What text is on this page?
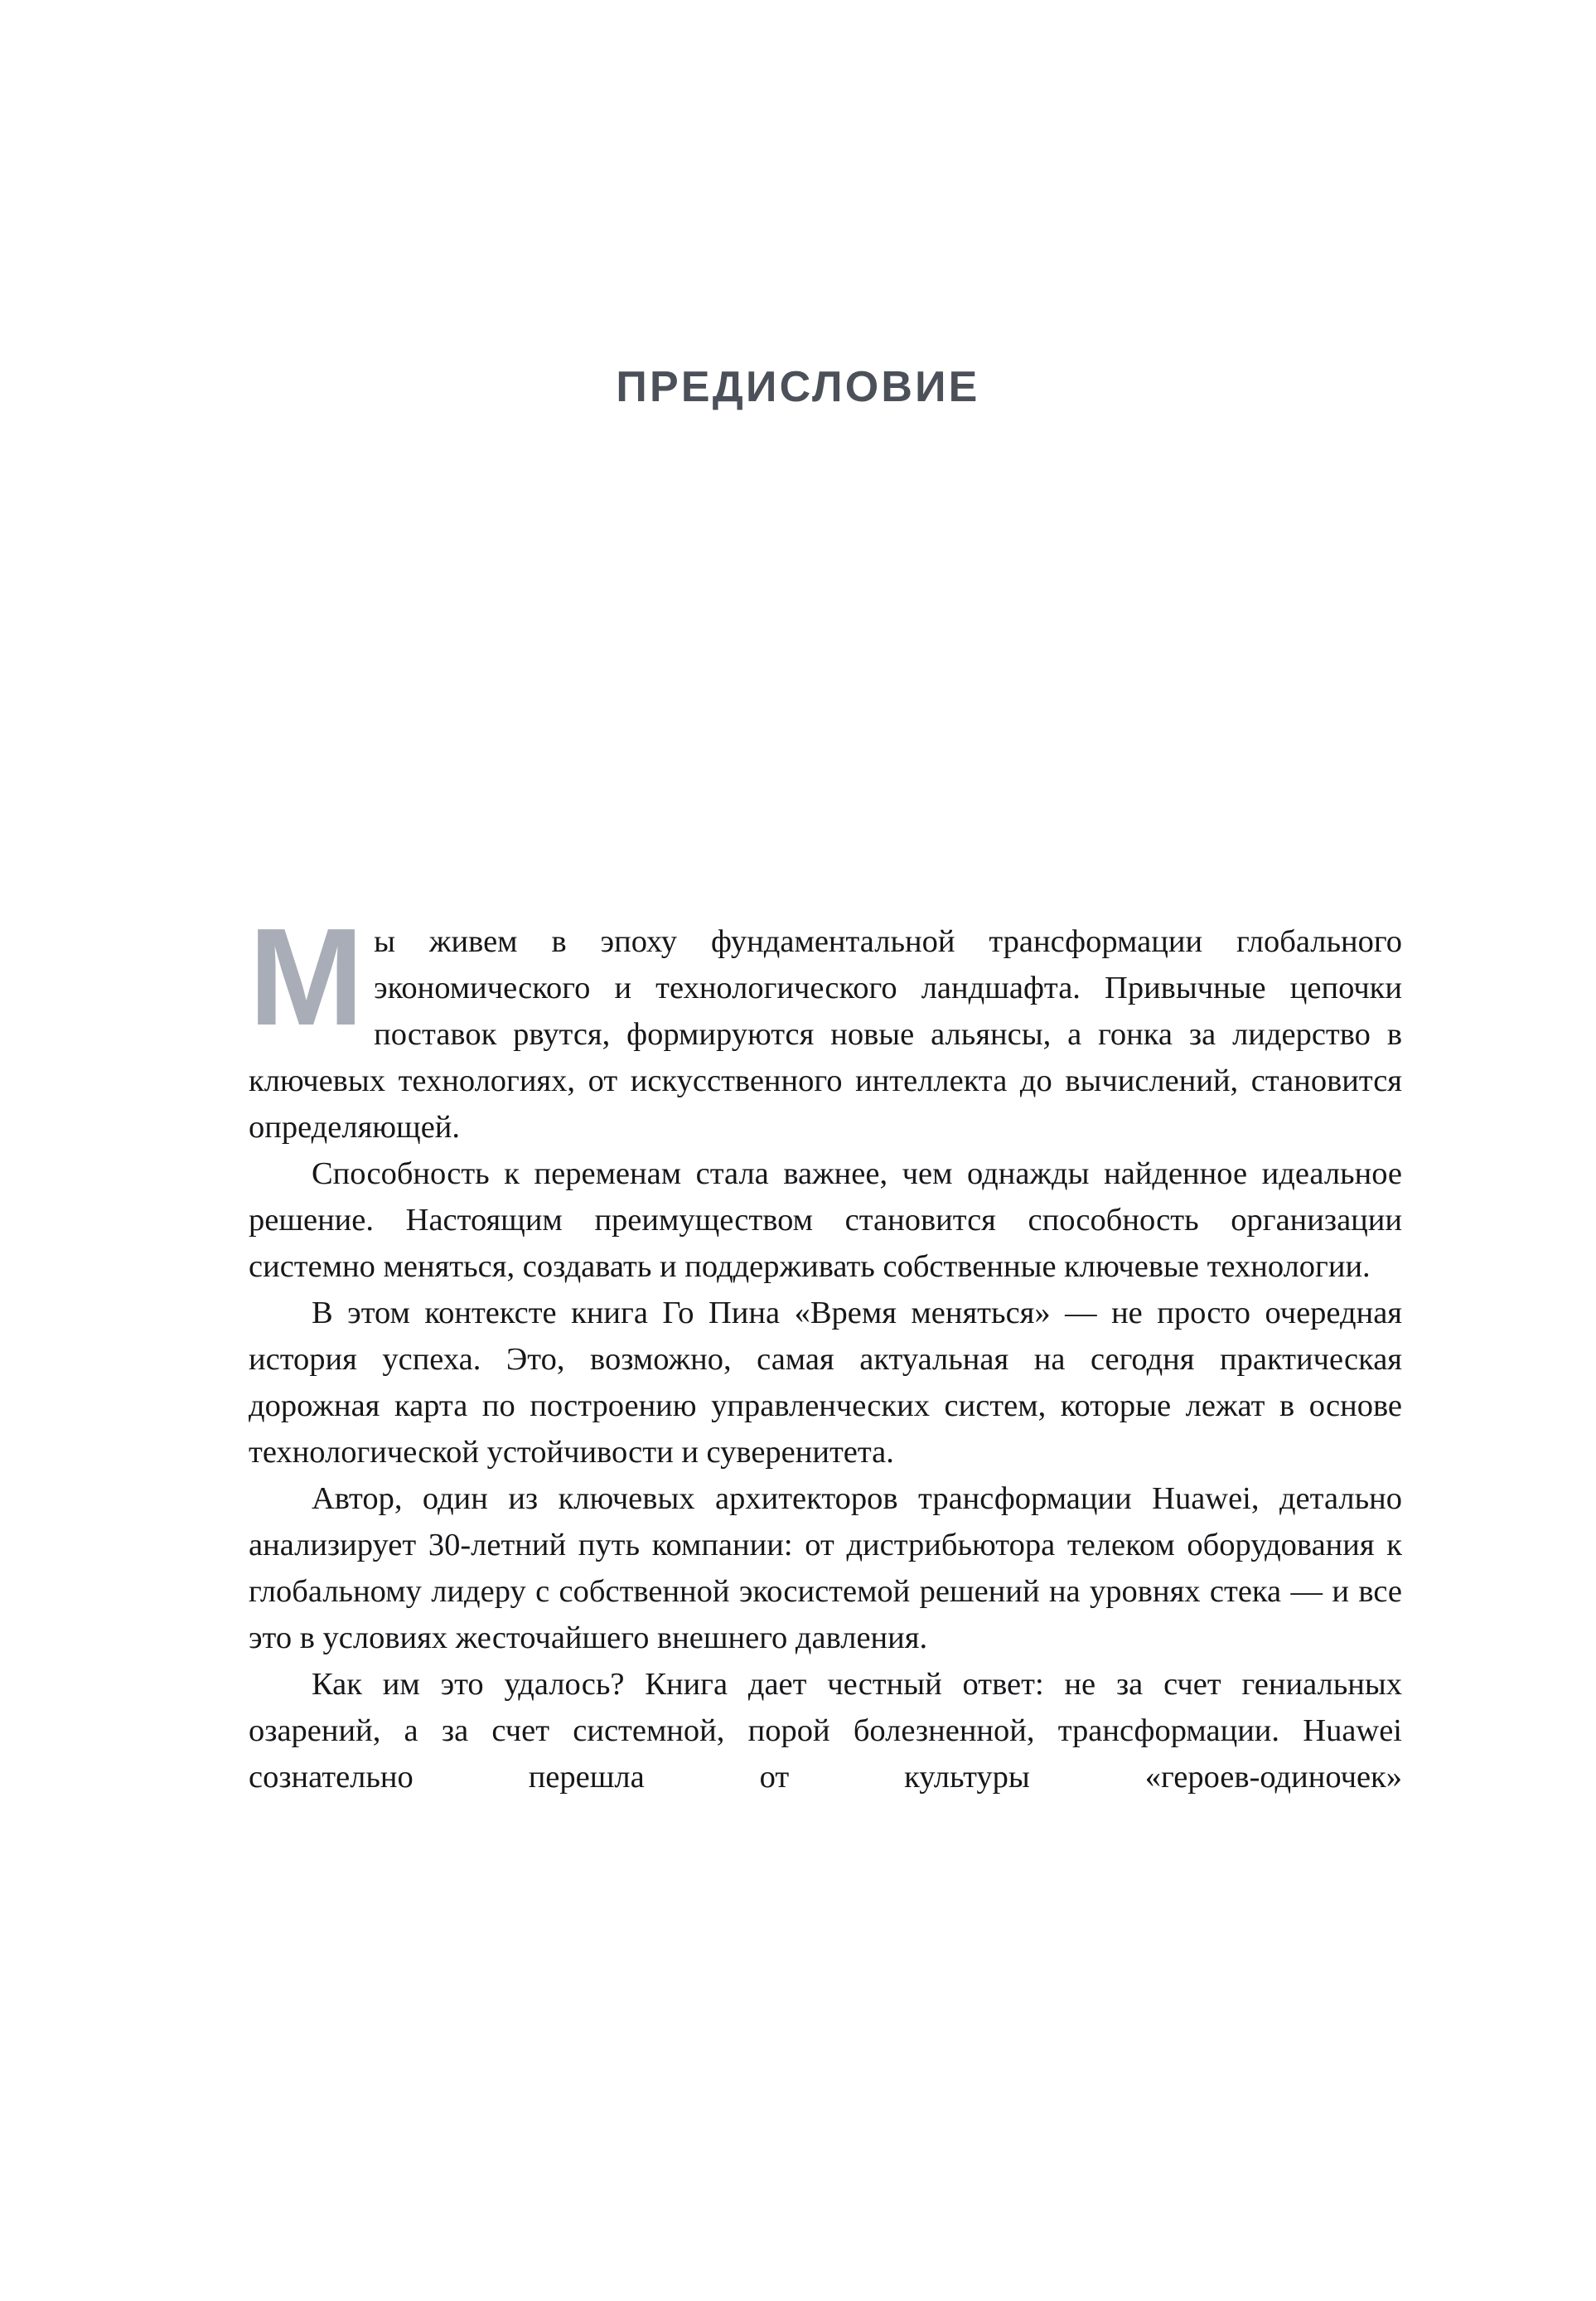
ПРЕДИСЛОВИЕ

Мы живем в эпоху фундаментальной трансформации глобального экономического и технологического ландшафта. Привычные цепочки поставок рвутся, формируются новые альянсы, а гонка за лидерство в ключевых технологиях, от искусственного интеллекта до вычислений, становится определяющей.

Способность к переменам стала важнее, чем однажды найденное идеальное решение. Настоящим преимуществом становится способность организации системно меняться, создавать и поддерживать собственные ключевые технологии.

В этом контексте книга Го Пина «Время меняться» — не просто очередная история успеха. Это, возможно, самая актуальная на сегодня практическая дорожная карта по построению управленческих систем, которые лежат в основе технологической устойчивости и суверенитета.

Автор, один из ключевых архитекторов трансформации Huawei, детально анализирует 30-летний путь компании: от дистрибьютора телеком оборудования к глобальному лидеру с собственной экосистемой решений на уровнях стека — и все это в условиях жесточайшего внешнего давления.

Как им это удалось? Книга дает честный ответ: не за счет гениальных озарений, а за счет системной, порой болезненной, трансформации. Huawei сознательно перешла от культуры «героев-одиночек»
